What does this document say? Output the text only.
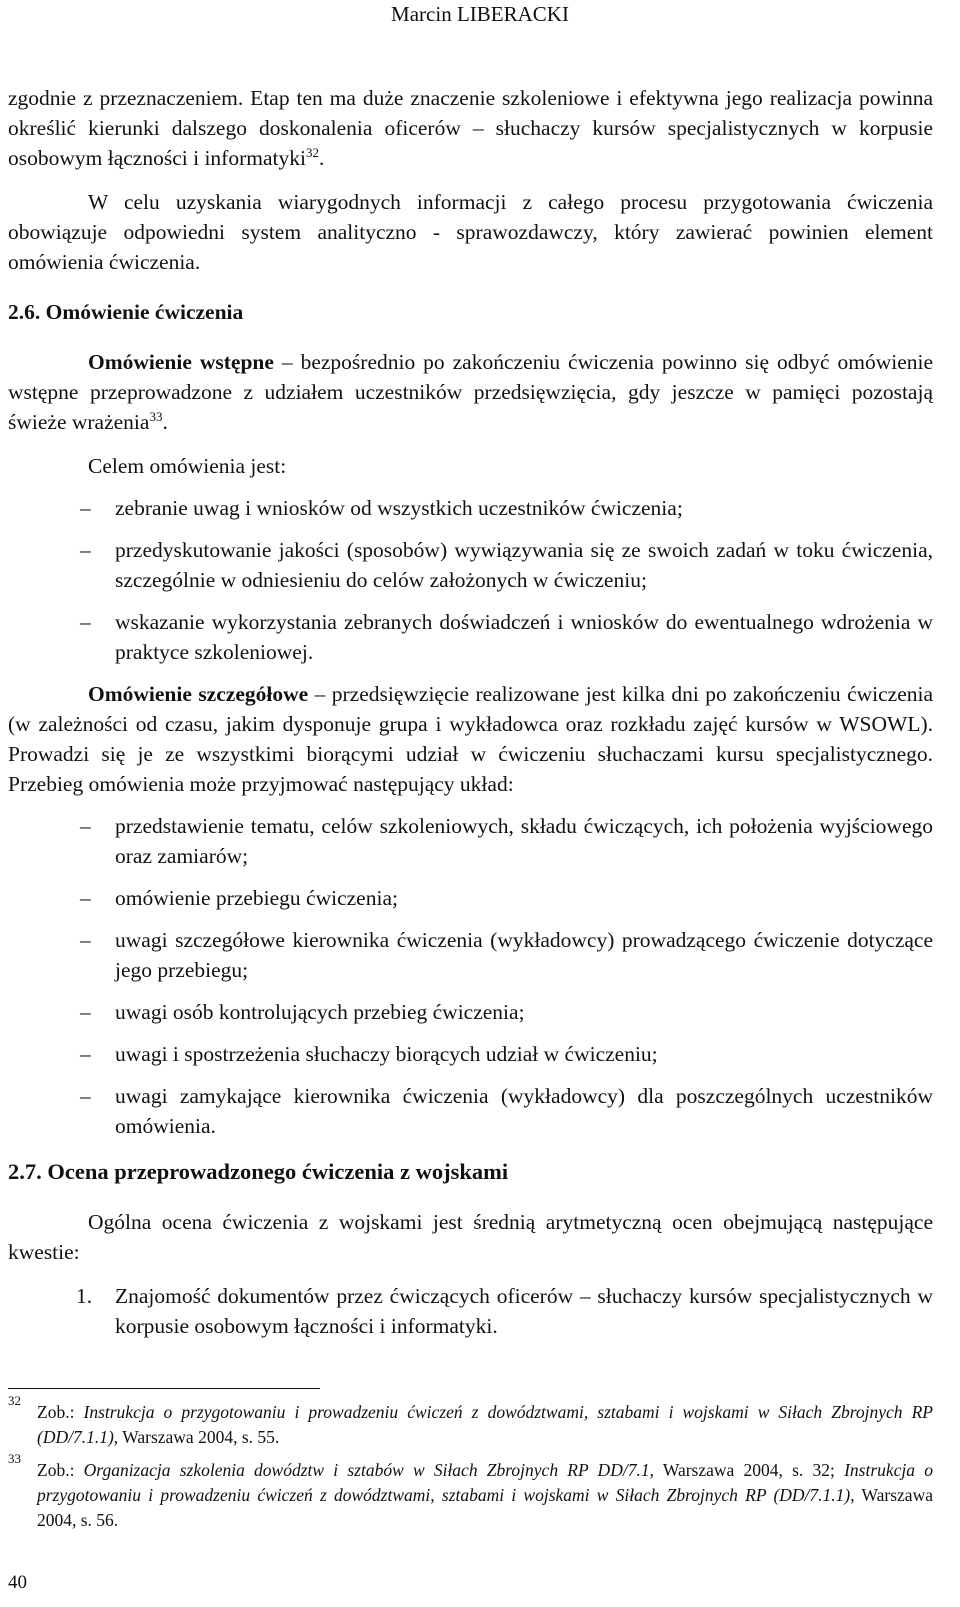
Marcin LIBERACKI

zgodnie z przeznaczeniem. Etap ten ma duże znaczenie szkoleniowe i efektywna jego realizacja powinna określić kierunki dalszego doskonalenia oficerów – słuchaczy kursów specjalistycznych w korpusie osobowym łączności i informatyki$^{32}$.

W celu uzyskania wiarygodnych informacji z całego procesu przygotowania ćwiczenia obowiązuje odpowiedni system analityczno - sprawozdawczy, który zawierać powinien element omówienia ćwiczenia.

2.6. Omówienie ćwiczenia

Omówienie wstępne – bezpośrednio po zakończeniu ćwiczenia powinno się odbyć omówienie wstępne przeprowadzone z udziałem uczestników przedsięwzięcia, gdy jeszcze w pamięci pozostają świeże wrażenia$^{33}$.

Celem omówienia jest:

– zebranie uwag i wniosków od wszystkich uczestników ćwiczenia;
– przedyskutowanie jakości (sposobów) wywiązywania się ze swoich zadań w toku ćwiczenia, szczególnie w odniesieniu do celów założonych w ćwiczeniu;
– wskazanie wykorzystania zebranych doświadczeń i wniosków do ewentualnego wdrożenia w praktyce szkoleniowej.

Omówienie szczegółowe – przedsięwzięcie realizowane jest kilka dni po zakończeniu ćwiczenia (w zależności od czasu, jakim dysponuje grupa i wykładowca oraz rozkładu zajęć kursów w WSOWL). Prowadzi się je ze wszystkimi biorącymi udział w ćwiczeniu słuchaczami kursu specjalistycznego. Przebieg omówienia może przyjmować następujący układ:

– przedstawienie tematu, celów szkoleniowych, składu ćwiczących, ich położenia wyjściowego oraz zamiarów;
– omówienie przebiegu ćwiczenia;
– uwagi szczegółowe kierownika ćwiczenia (wykładowcy) prowadzącego ćwiczenie dotyczące jego przebiegu;
– uwagi osób kontrolujących przebieg ćwiczenia;
– uwagi i spostrzeżenia słuchaczy biorących udział w ćwiczeniu;
– uwagi zamykające kierownika ćwiczenia (wykładowcy) dla poszczególnych uczestników omówienia.
2.7. Ocena przeprowadzonego ćwiczenia z wojskami

Ogólna ocena ćwiczenia z wojskami jest średnią arytmetyczną ocen obejmującą następujące kwestie:

1. Znajomość dokumentów przez ćwiczących oficerów – słuchaczy kursów specjalistycznych w korpusie osobowym łączności i informatyki.
32
Zob.: Instrukcja o przygotowaniu i prowadzeniu ćwiczeń z dowództwami, sztabami i wojskami w Siłach Zbrojnych RP (DD/7.1.1), Warszawa 2004, s. 55.
33
Zob.: Organizacja szkolenia dowództw i sztabów w Siłach Zbrojnych RP DD/7.1, Warszawa 2004, s. 32; Instrukcja o przygotowaniu i prowadzeniu ćwiczeń z dowództwami, sztabami i wojskami w Siłach Zbrojnych RP (DD/7.1.1), Warszawa 2004, s. 56.
40
